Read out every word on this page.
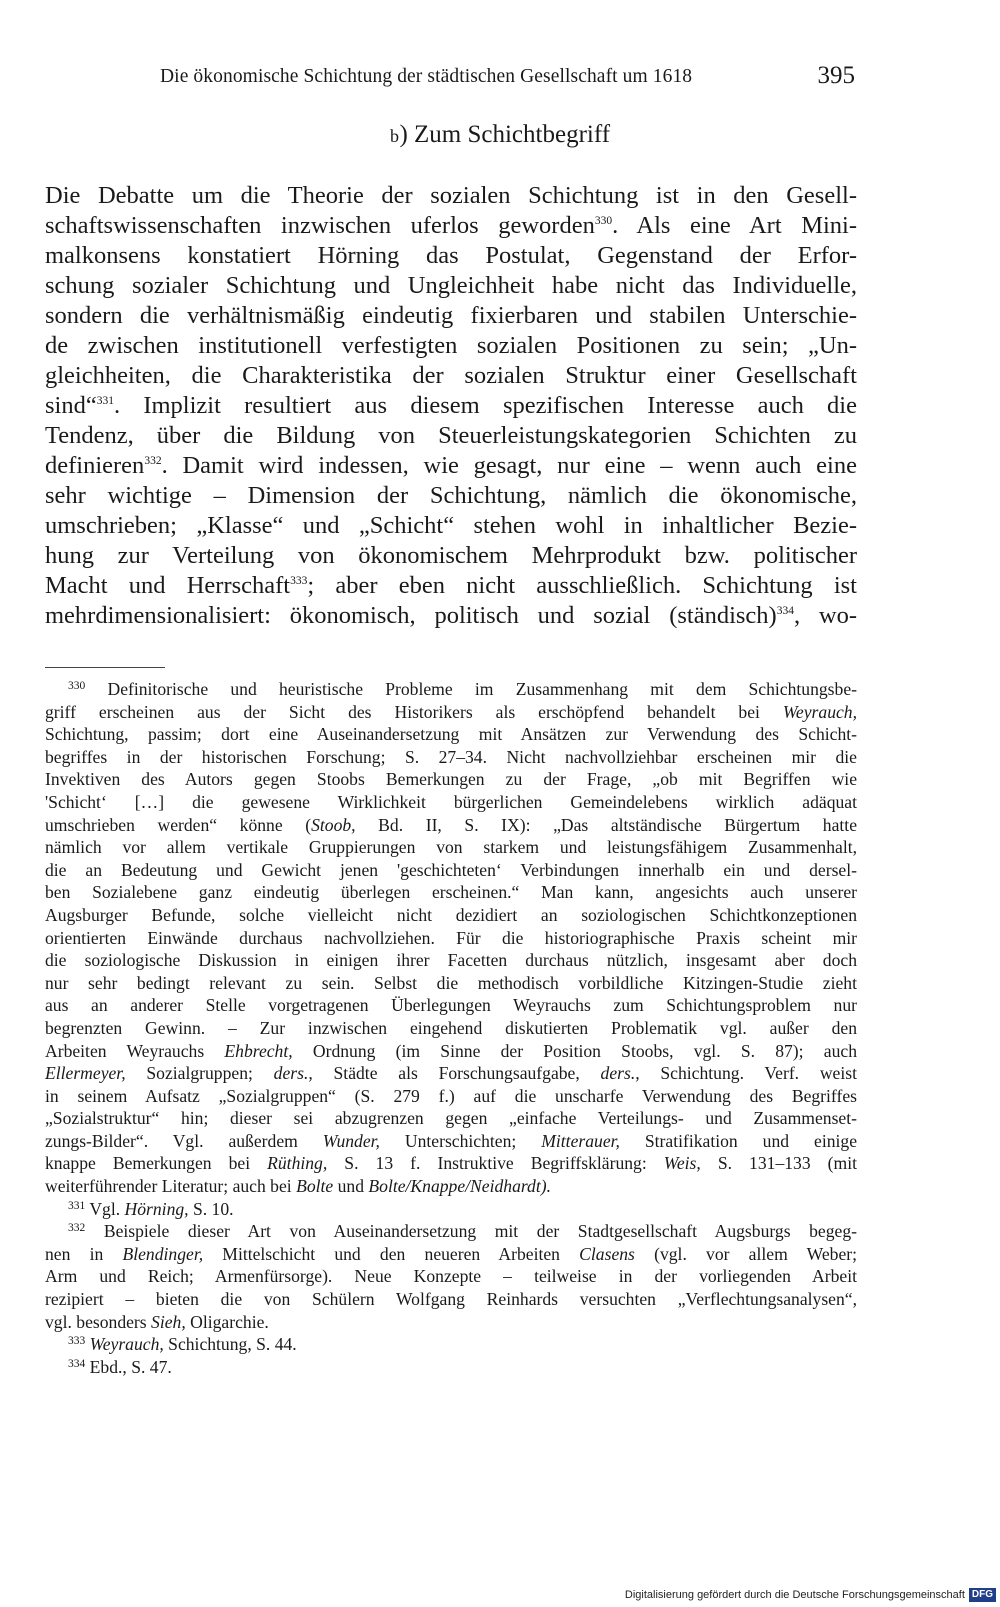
Die ökonomische Schichtung der städtischen Gesellschaft um 1618	395
b) Zum Schichtbegriff
Die Debatte um die Theorie der sozialen Schichtung ist in den Gesell-
schaftswissenschaften inzwischen uferlos geworden$^{330}$. Als eine Art Mini-
malkonsens konstatiert Hörning das Postulat, Gegenstand der Erfor-
schung sozialer Schichtung und Ungleichheit habe nicht das Individuelle,
sondern die verhältnismäßig eindeutig fixierbaren und stabilen Unterschie-
de zwischen institutionell verfestigten sozialen Positionen zu sein; „Un-
gleichheiten, die Charakteristika der sozialen Struktur einer Gesellschaft
sind“$^{331}$. Implizit resultiert aus diesem spezifischen Interesse auch die
Tendenz, über die Bildung von Steuerleistungskategorien Schichten zu
definieren$^{332}$. Damit wird indessen, wie gesagt, nur eine – wenn auch eine
sehr wichtige – Dimension der Schichtung, nämlich die ökonomische,
umschrieben; „Klasse“ und „Schicht“ stehen wohl in inhaltlicher Bezie-
hung zur Verteilung von ökonomischem Mehrprodukt bzw. politischer
Macht und Herrschaft$^{333}$; aber eben nicht ausschließlich. Schichtung ist
mehrdimensionalisiert: ökonomisch, politisch und sozial (ständisch)$^{334}$, wo-
$^{330}$ Definitorische und heuristische Probleme im Zusammenhang mit dem Schichtungsbe-
griff erscheinen aus der Sicht des Historikers als erschöpfend behandelt bei Weyrauch,
Schichtung, passim; dort eine Auseinandersetzung mit Ansätzen zur Verwendung des Schicht-
begriffes in der historischen Forschung; S. 27–34. Nicht nachvollziehbar erscheinen mir die
Invektiven des Autors gegen Stoobs Bemerkungen zu der Frage, „ob mit Begriffen wie
'Schicht‘ […] die gewesene Wirklichkeit bürgerlichen Gemeindelebens wirklich adäquat
umschrieben werden“ könne (Stoob, Bd. II, S. IX): „Das altständische Bürgertum hatte
nämlich vor allem vertikale Gruppierungen von starkem und leistungsfähigem Zusammenhalt,
die an Bedeutung und Gewicht jenen 'geschichteten‘ Verbindungen innerhalb ein und dersel-
ben Sozialebene ganz eindeutig überlegen erscheinen.“ Man kann, angesichts auch unserer
Augsburger Befunde, solche vielleicht nicht dezidiert an soziologischen Schichtkonzeptionen
orientierten Einwände durchaus nachvollziehen. Für die historiographische Praxis scheint mir
die soziologische Diskussion in einigen ihrer Facetten durchaus nützlich, insgesamt aber doch
nur sehr bedingt relevant zu sein. Selbst die methodisch vorbildliche Kitzingen-Studie zieht
aus an anderer Stelle vorgetragenen Überlegungen Weyrauchs zum Schichtungsproblem nur
begrenzten Gewinn. – Zur inzwischen eingehend diskutierten Problematik vgl. außer den
Arbeiten Weyrauchs Ehbrecht, Ordnung (im Sinne der Position Stoobs, vgl. S. 87); auch
Ellermeyer, Sozialgruppen; ders., Städte als Forschungsaufgabe, ders., Schichtung. Verf. weist
in seinem Aufsatz „Sozialgruppen“ (S. 279 f.) auf die unscharfe Verwendung des Begriffes
„Sozialstruktur“ hin; dieser sei abzugrenzen gegen „einfache Verteilungs- und Zusammenset-
zungs-Bilder“. Vgl. außerdem Wunder, Unterschichten; Mitterauer, Stratifikation und einige
knappe Bemerkungen bei Rüthing, S. 13 f. Instruktive Begriffsklärung: Weis, S. 131–133 (mit
weiterführender Literatur; auch bei Bolte und Bolte/Knappe/Neidhardt).
$^{331}$ Vgl. Hörning, S. 10.
$^{332}$ Beispiele dieser Art von Auseinandersetzung mit der Stadtgesellschaft Augsburgs begeg-
nen in Blendinger, Mittelschicht und den neueren Arbeiten Clasens (vgl. vor allem Weber;
Arm und Reich; Armenfürsorge). Neue Konzepte – teilweise in der vorliegenden Arbeit
rezipiert – bieten die von Schülern Wolfgang Reinhards versuchten „Verflechtungsanalysen“,
vgl. besonders Sieh, Oligarchie.
$^{333}$ Weyrauch, Schichtung, S. 44.
$^{334}$ Ebd., S. 47.
Digitalisierung gefördert durch die Deutsche Forschungsgemeinschaft DFG
